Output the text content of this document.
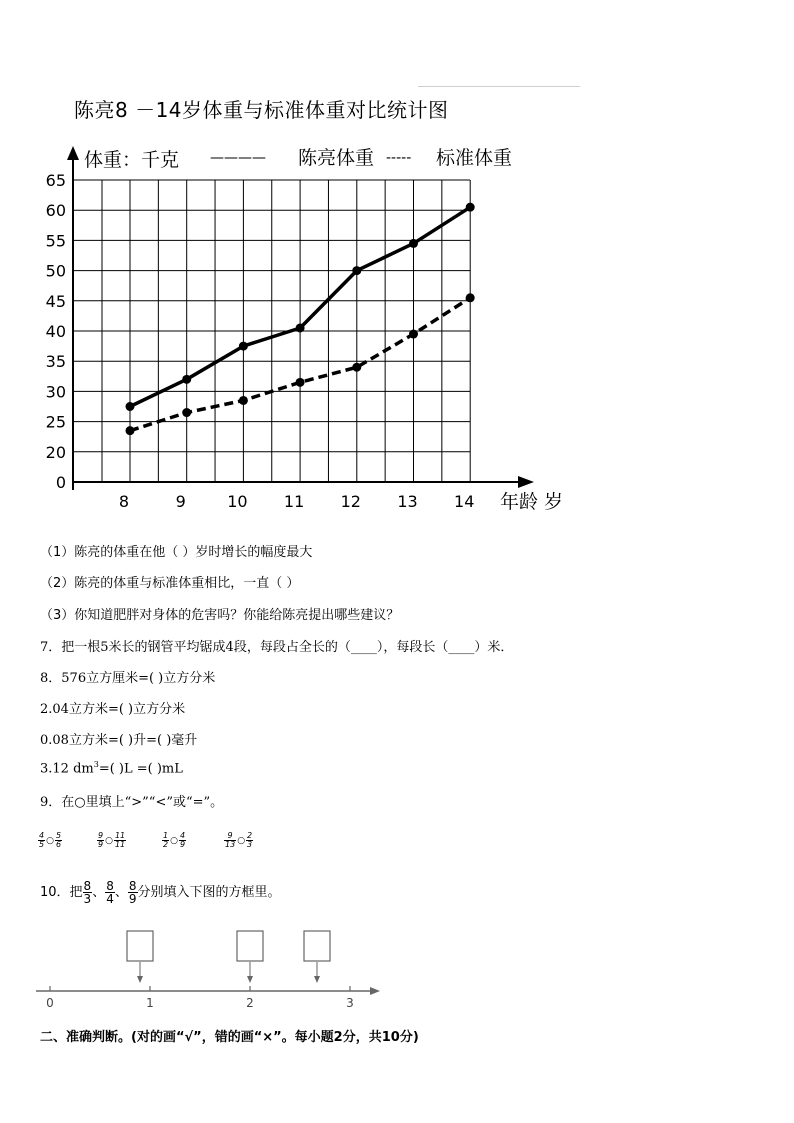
陈亮8 －14岁体重与标准体重对比统计图
65
60
55
50
45
40
35
30
25
20
0
8	9	10 11 12 13 14
体重：千克 ———— 陈亮体重 ----- 标准体重
年龄 岁
（1）陈亮的体重在他（ ）岁时增长的幅度最大
（2）陈亮的体重与标准体重相比，一直（ ）
（3）你知道肥胖对身体的危害吗？你能给陈亮提出哪些建议？
7．把一根5米长的钢管平均锯成4段，每段占全长的（____），每段长（____）米．
8．576立方厘米=( )立方分米
2.04立方米=( )立方分米
0.08立方米=( )升=( )毫升
3.12 $dm^3=$( )L =( )mL
9．在○里填上“>”“<”或“=”。
$\frac{4}{5}$ ○ $\frac{5}{6}$	$\frac{9}{9}$ ○ $\frac{11}{11}$	$\frac{1}{2}$ ○ $\frac{4}{9}$	$\frac{9}{13}$ ○ $\frac{2}{3}$
10．把 $\frac{8}{3}$ 、 $\frac{8}{4}$ 、 $\frac{8}{9}$ 分别填入下图的方框里。
0	1	2	3
二、准确判断。(对的画“√”，错的画“×”。每小题2分，共10分)
